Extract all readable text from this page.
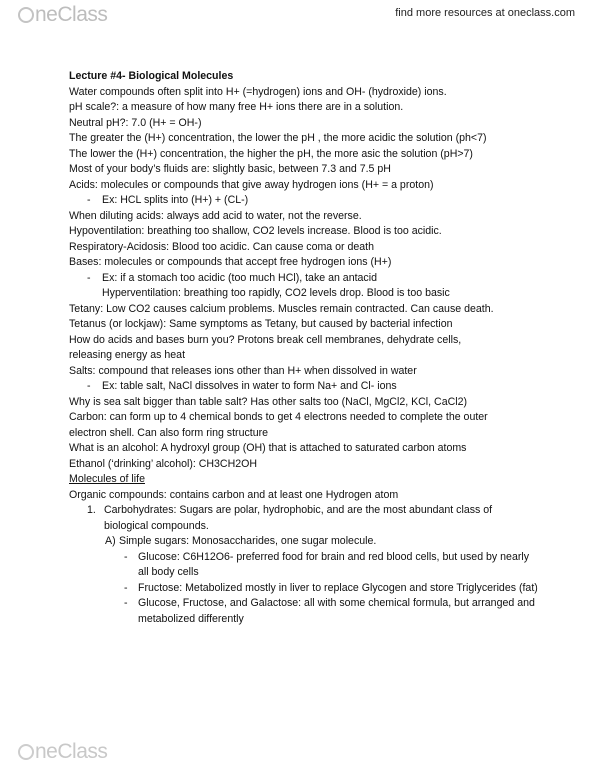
neClass	find more resources at oneclass.com
Lecture #4- Biological Molecules
Water compounds often split into H+ (=hydrogen) ions and OH- (hydroxide) ions.
pH scale?: a measure of how many free H+ ions there are in a solution.
Neutral pH?: 7.0 (H+ = OH-)
The greater the (H+) concentration, the lower the pH , the more acidic the solution (ph<7)
The lower the (H+) concentration, the higher the pH, the more asic the solution (pH>7)
Most of your body’s fluids are: slightly basic, between 7.3 and 7.5 pH
Acids: molecules or compounds that give away hydrogen ions (H+ = a proton)
- Ex: HCL splits into (H+) + (CL-)
When diluting acids: always add acid to water, not the reverse.
Hypoventilation: breathing too shallow, CO2 levels increase. Blood is too acidic.
Respiratory-Acidosis: Blood too acidic. Can cause coma or death
Bases: molecules or compounds that accept free hydrogen ions (H+)
- Ex: if a stomach too acidic (too much HCl), take an antacid
Hyperventilation: breathing too rapidly, CO2 levels drop. Blood is too basic
Tetany: Low CO2 causes calcium problems. Muscles remain contracted. Can cause death.
Tetanus (or lockjaw): Same symptoms as Tetany, but caused by bacterial infection
How do acids and bases burn you? Protons break cell membranes, dehydrate cells, releasing energy as heat
Salts: compound that releases ions other than H+ when dissolved in water
- Ex: table salt, NaCl dissolves in water to form Na+ and Cl- ions
Why is sea salt bigger than table salt? Has other salts too (NaCl, MgCl2, KCl, CaCl2)
Carbon: can form up to 4 chemical bonds to get 4 electrons needed to complete the outer electron shell. Can also form ring structure
What is an alcohol: A hydroxyl group (OH) that is attached to saturated carbon atoms
Ethanol (‘drinking’ alcohol): CH3CH2OH
Molecules of life
Organic compounds: contains carbon and at least one Hydrogen atom
1. Carbohydrates: Sugars are polar, hydrophobic, and are the most abundant class of biological compounds.
A) Simple sugars: Monosaccharides, one sugar molecule.
- Glucose: C6H12O6- preferred food for brain and red blood cells, but used by nearly all body cells
- Fructose: Metabolized mostly in liver to replace Glycogen and store Triglycerides (fat)
- Glucose, Fructose, and Galactose: all with some chemical formula, but arranged and metabolized differently
neClass
